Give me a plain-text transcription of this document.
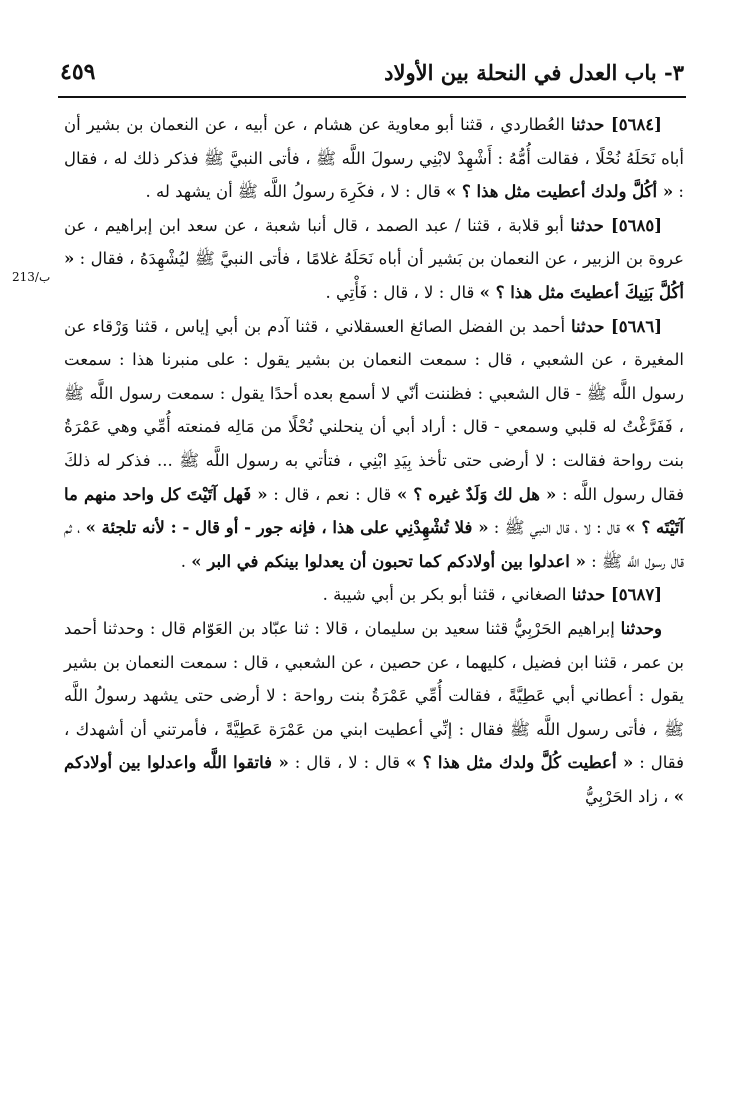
٣- باب العدل في النحلة بين الأولاد
٤٥٩
213/ب

[٥٦٨٤] حدثنا العُطاردي ، قثنا أبو معاوية عن هشام ، عن أبيه ، عن النعمان بن بشير أن أباه نَحَلَهُ نُحْلًا ، فقالت أُمُّهُ : أَشْهِدْ لابْنِي رسولَ اللَّه ﷺ ، فأتى النبيَّ ﷺ فذكر ذلك له ، فقال : « أكُلَّ ولدك أعطيت مثل هذا ؟ » قال : لا ، فكَرِهَ رسولُ اللَّه ﷺ أن يشهد له .

[٥٦٨٥] حدثنا أبو قلابة ، قثنا / عبد الصمد ، قال أنبا شعبة ، عن سعد ابن إبراهيم ، عن عروة بن الزبير ، عن النعمان بن بَشير أن أباه نَحَلَهُ غلامًا ، فأتى النبيَّ ﷺ ليُشْهِدَهُ ، فقال : « أكُلَّ بَنِيكَ أعطيتَ مثل هذا ؟ » قال : لا ، قال : فَأْتِي .

[٥٦٨٦] حدثنا أحمد بن الفضل الصائغ العسقلاني ، قثنا آدم بن أبي إياس ، قثنا وَرْقاء عن المغيرة ، عن الشعبي ، قال : سمعت النعمان بن بشير يقول : على منبرنا هذا : سمعت رسول اللَّه ﷺ - قال الشعبي : فظننت أنّي لا أسمع بعده أحدًا يقول : سمعت رسول اللَّه ﷺ ، فَفَرَّغْتُ له قلبي وسمعي - قال : أراد أبي أن ينحلني نُحْلًا من مَالِه فمنعته أُمِّي وهي عَمْرَةُ بنت رواحة فقالت : لا أرضى حتى تأخذ بِيَدِ ابْنِي ، فتأتي به رسول اللَّه ﷺ ... فذكر له ذلكَ فقال رسول اللَّه : « هل لك وَلَدٌ غيره ؟ » قال : نعم ، قال : « فَهل آتَيْتَ كل واحد منهم ما آتَيْتَه ؟ » قال : لا ، قال النبي ﷺ : « فلا تُشْهِدْنِي على هذا ، فإنه جور - أو قال - : لأنه تلجئة » ، ثم قال رسول اللَّه ﷺ : « اعدلوا بين أولادكم كما تحبون أن يعدلوا بينكم في البر » .

[٥٦٨٧] حدثنا الصغاني ، قثنا أبو بكر بن أبي شيبة .

وحدثنا إبراهيم الحَرْبِيُّ قثنا سعيد بن سليمان ، قالا : ثنا عبّاد بن العَوّام قال : وحدثنا أحمد بن عمر ، قثنا ابن فضيل ، كليهما ، عن حصين ، عن الشعبي ، قال : سمعت النعمان بن بشير يقول : أعطاني أبي عَطِيَّةً ، فقالت أُمِّي عَمْرَةُ بنت رواحة : لا أرضى حتى يشهد رسولُ اللَّه ﷺ ، فأتى رسول اللَّه ﷺ فقال : إنِّي أعطيت ابني من عَمْرَة عَطِيَّةً ، فأمرتني أن أشهدك ، فقال : « أعطيت كُلَّ ولدك مثل هذا ؟ » قال : لا ، قال : « فاتقوا اللَّه واعدلوا بين أولادكم » ، زاد الحَرْبِيُّ
